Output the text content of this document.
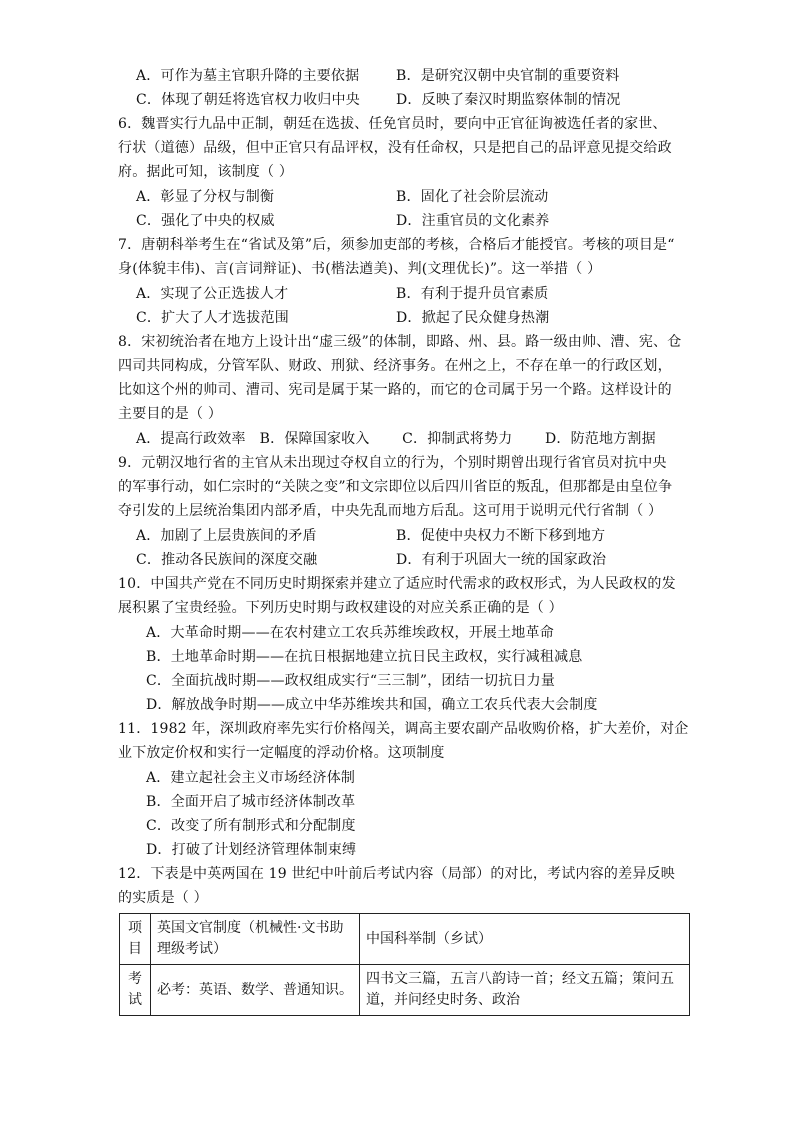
A．可作为墓主官职升降的主要依据	B．是研究汉朝中央官制的重要资料
C．体现了朝廷将选官权力收归中央	D．反映了秦汉时期监察体制的情况
6．魏晋实行九品中正制，朝廷在选拔、任免官员时，要向中正官征询被选任者的家世、
行状（道德）品级，但中正官只有品评权，没有任命权，只是把自己的品评意见提交给政
府。据此可知，该制度（ ）
A．彰显了分权与制衡	B．固化了社会阶层流动
C．强化了中央的权威	D．注重官员的文化素养
7．唐朝科举考生在“省试及第”后，须参加吏部的考核，合格后才能授官。考核的项目是“
身(体貌丰伟)、言(言词辩证)、书(楷法遒美)、判(文理优长)”。这一举措（ ）
A．实现了公正选拔人才	B．有利于提升员官素质
C．扩大了人才选拔范围	D．掀起了民众健身热潮
8．宋初统治者在地方上设计出“虚三级”的体制，即路、州、县。路一级由帅、漕、宪、仓
四司共同构成，分管军队、财政、刑狱、经济事务。在州之上，不存在单一的行政区划，
比如这个州的帅司、漕司、宪司是属于某一路的，而它的仓司属于另一个路。这样设计的
主要目的是（ ）
A．提高行政效率   B．保障国家收入       C．抑制武将势力       D．防范地方割据
9．元朝汉地行省的主官从未出现过夺权自立的行为，个别时期曾出现行省官员对抗中央
的军事行动，如仁宗时的“关陕之变”和文宗即位以后四川省臣的叛乱，但那都是由皇位争
夺引发的上层统治集团内部矛盾，中央先乱而地方后乱。这可用于说明元代行省制（ ）
A．加剧了上层贵族间的矛盾	B．促使中央权力不断下移到地方
C．推动各民族间的深度交融	D．有利于巩固大一统的国家政治
10．中国共产党在不同历史时期探索并建立了适应时代需求的政权形式，为人民政权的发
展积累了宝贵经验。下列历史时期与政权建设的对应关系正确的是（ ）
A．大革命时期——在农村建立工农兵苏维埃政权，开展土地革命
B．土地革命时期——在抗日根据地建立抗日民主政权，实行减租减息
C．全面抗战时期——政权组成实行“三三制”，团结一切抗日力量
D．解放战争时期——成立中华苏维埃共和国，确立工农兵代表大会制度
11．1982 年，深圳政府率先实行价格闯关，调高主要农副产品收购价格，扩大差价，对企
业下放定价权和实行一定幅度的浮动价格。这项制度
A．建立起社会主义市场经济体制
B．全面开启了城市经济体制改革
C．改变了所有制形式和分配制度
D．打破了计划经济管理体制束缚
12．下表是中英两国在 19 世纪中叶前后考试内容（局部）的对比，考试内容的差异反映
的实质是（ ）
项目	英国文官制度（机械性·文书助理级考试）	中国科举制（乡试）
考试	必考：英语、数学、普通知识。	四书文三篇，五言八韵诗一首；经文五篇；策问五道，并问经史时务、政治
